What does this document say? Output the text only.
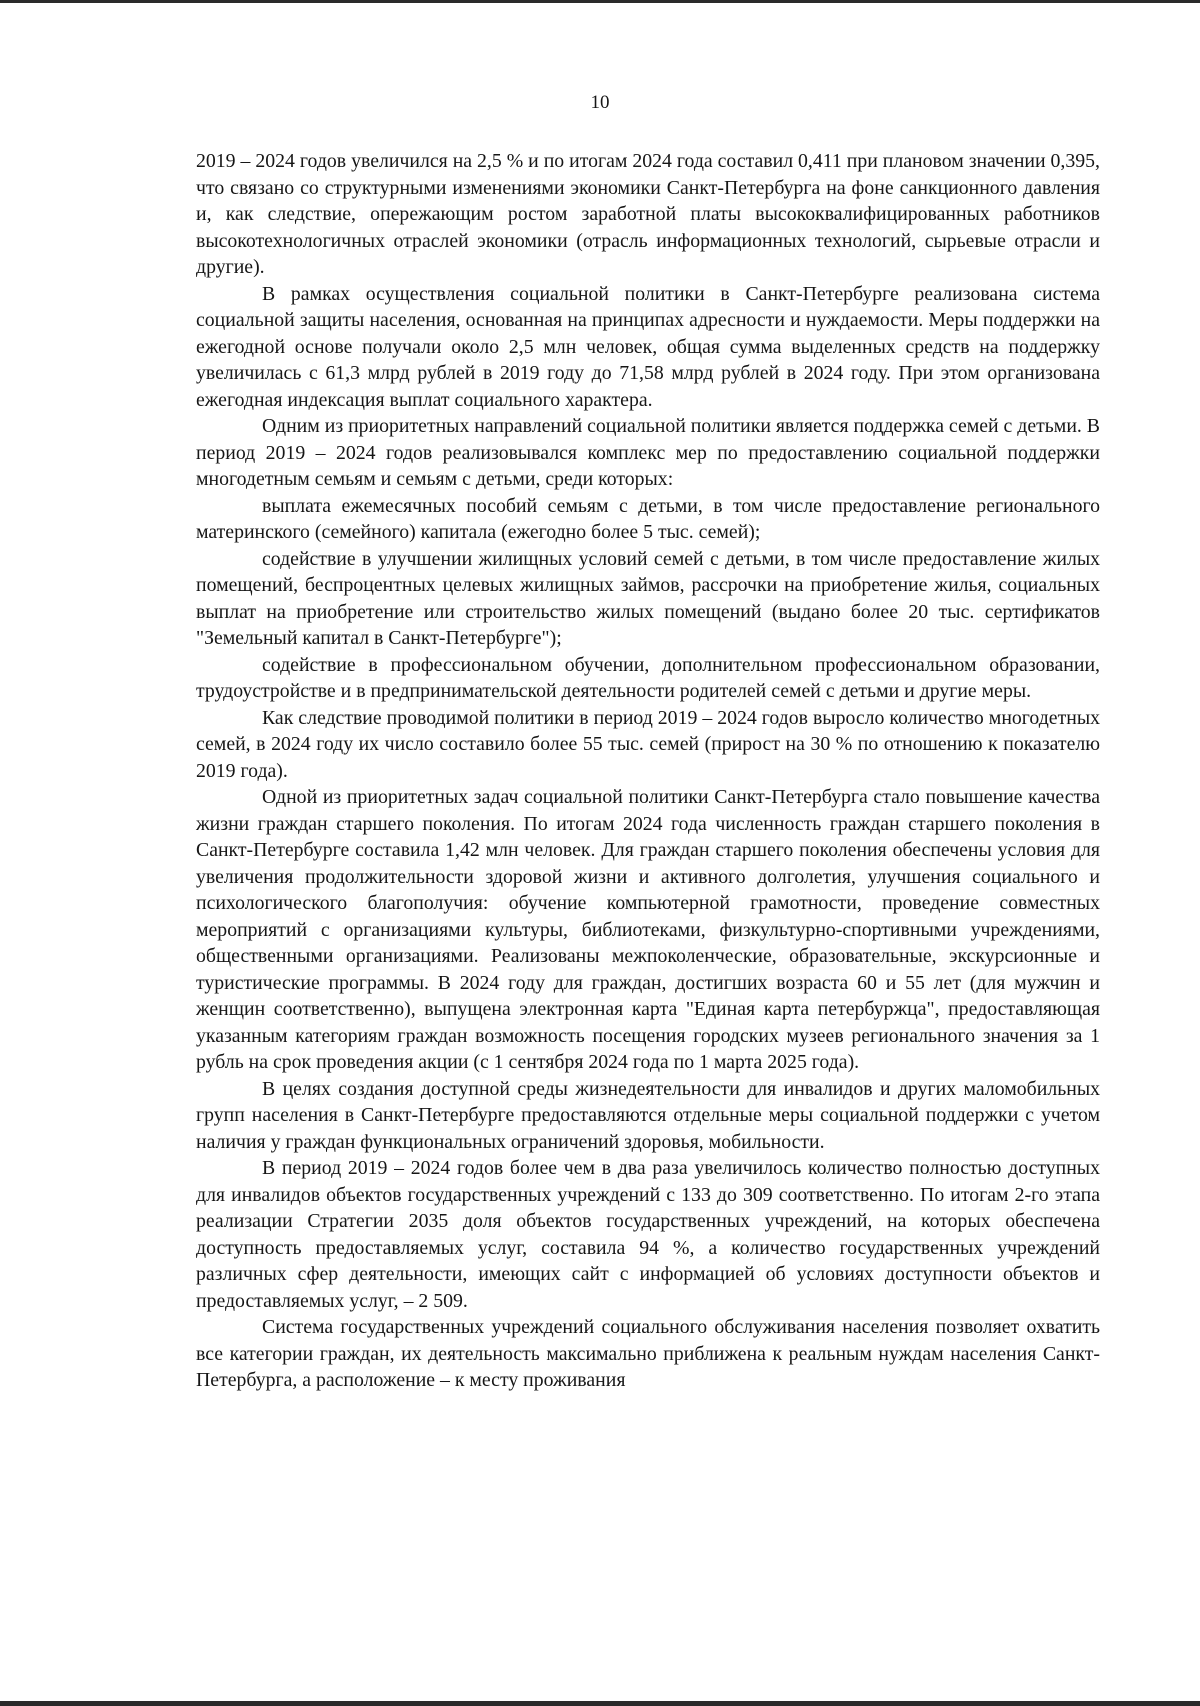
10

2019 – 2024 годов увеличился на 2,5 % и по итогам 2024 года составил 0,411 при плановом значении 0,395, что связано со структурными изменениями экономики Санкт-Петербурга на фоне санкционного давления и, как следствие, опережающим ростом заработной платы высококвалифицированных работников высокотехнологичных отраслей экономики (отрасль информационных технологий, сырьевые отрасли и другие).

В рамках осуществления социальной политики в Санкт-Петербурге реализована система социальной защиты населения, основанная на принципах адресности и нуждаемости. Меры поддержки на ежегодной основе получали около 2,5 млн человек, общая сумма выделенных средств на поддержку увеличилась с 61,3 млрд рублей в 2019 году до 71,58 млрд рублей в 2024 году. При этом организована ежегодная индексация выплат социального характера.

Одним из приоритетных направлений социальной политики является поддержка семей с детьми. В период 2019 – 2024 годов реализовывался комплекс мер по предоставлению социальной поддержки многодетным семьям и семьям с детьми, среди которых:

выплата ежемесячных пособий семьям с детьми, в том числе предоставление регионального материнского (семейного) капитала (ежегодно более 5 тыс. семей);

содействие в улучшении жилищных условий семей с детьми, в том числе предоставление жилых помещений, беспроцентных целевых жилищных займов, рассрочки на приобретение жилья, социальных выплат на приобретение или строительство жилых помещений (выдано более 20 тыс. сертификатов "Земельный капитал в Санкт-Петербурге");

содействие в профессиональном обучении, дополнительном профессиональном образовании, трудоустройстве и в предпринимательской деятельности родителей семей с детьми и другие меры.

Как следствие проводимой политики в период 2019 – 2024 годов выросло количество многодетных семей, в 2024 году их число составило более 55 тыс. семей (прирост на 30 % по отношению к показателю 2019 года).

Одной из приоритетных задач социальной политики Санкт-Петербурга стало повышение качества жизни граждан старшего поколения. По итогам 2024 года численность граждан старшего поколения в Санкт-Петербурге составила 1,42 млн человек. Для граждан старшего поколения обеспечены условия для увеличения продолжительности здоровой жизни и активного долголетия, улучшения социального и психологического благополучия: обучение компьютерной грамотности, проведение совместных мероприятий с организациями культуры, библиотеками, физкультурно-спортивными учреждениями, общественными организациями. Реализованы межпоколенческие, образовательные, экскурсионные и туристические программы. В 2024 году для граждан, достигших возраста 60 и 55 лет (для мужчин и женщин соответственно), выпущена электронная карта "Единая карта петербуржца", предоставляющая указанным категориям граждан возможность посещения городских музеев регионального значения за 1 рубль на срок проведения акции (с 1 сентября 2024 года по 1 марта 2025 года).

В целях создания доступной среды жизнедеятельности для инвалидов и других маломобильных групп населения в Санкт-Петербурге предоставляются отдельные меры социальной поддержки с учетом наличия у граждан функциональных ограничений здоровья, мобильности.

В период 2019 – 2024 годов более чем в два раза увеличилось количество полностью доступных для инвалидов объектов государственных учреждений с 133 до 309 соответственно. По итогам 2-го этапа реализации Стратегии 2035 доля объектов государственных учреждений, на которых обеспечена доступность предоставляемых услуг, составила 94 %, а количество государственных учреждений различных сфер деятельности, имеющих сайт с информацией об условиях доступности объектов и предоставляемых услуг, – 2 509.

Система государственных учреждений социального обслуживания населения позволяет охватить все категории граждан, их деятельность максимально приближена к реальным нуждам населения Санкт-Петербурга, а расположение – к месту проживания
